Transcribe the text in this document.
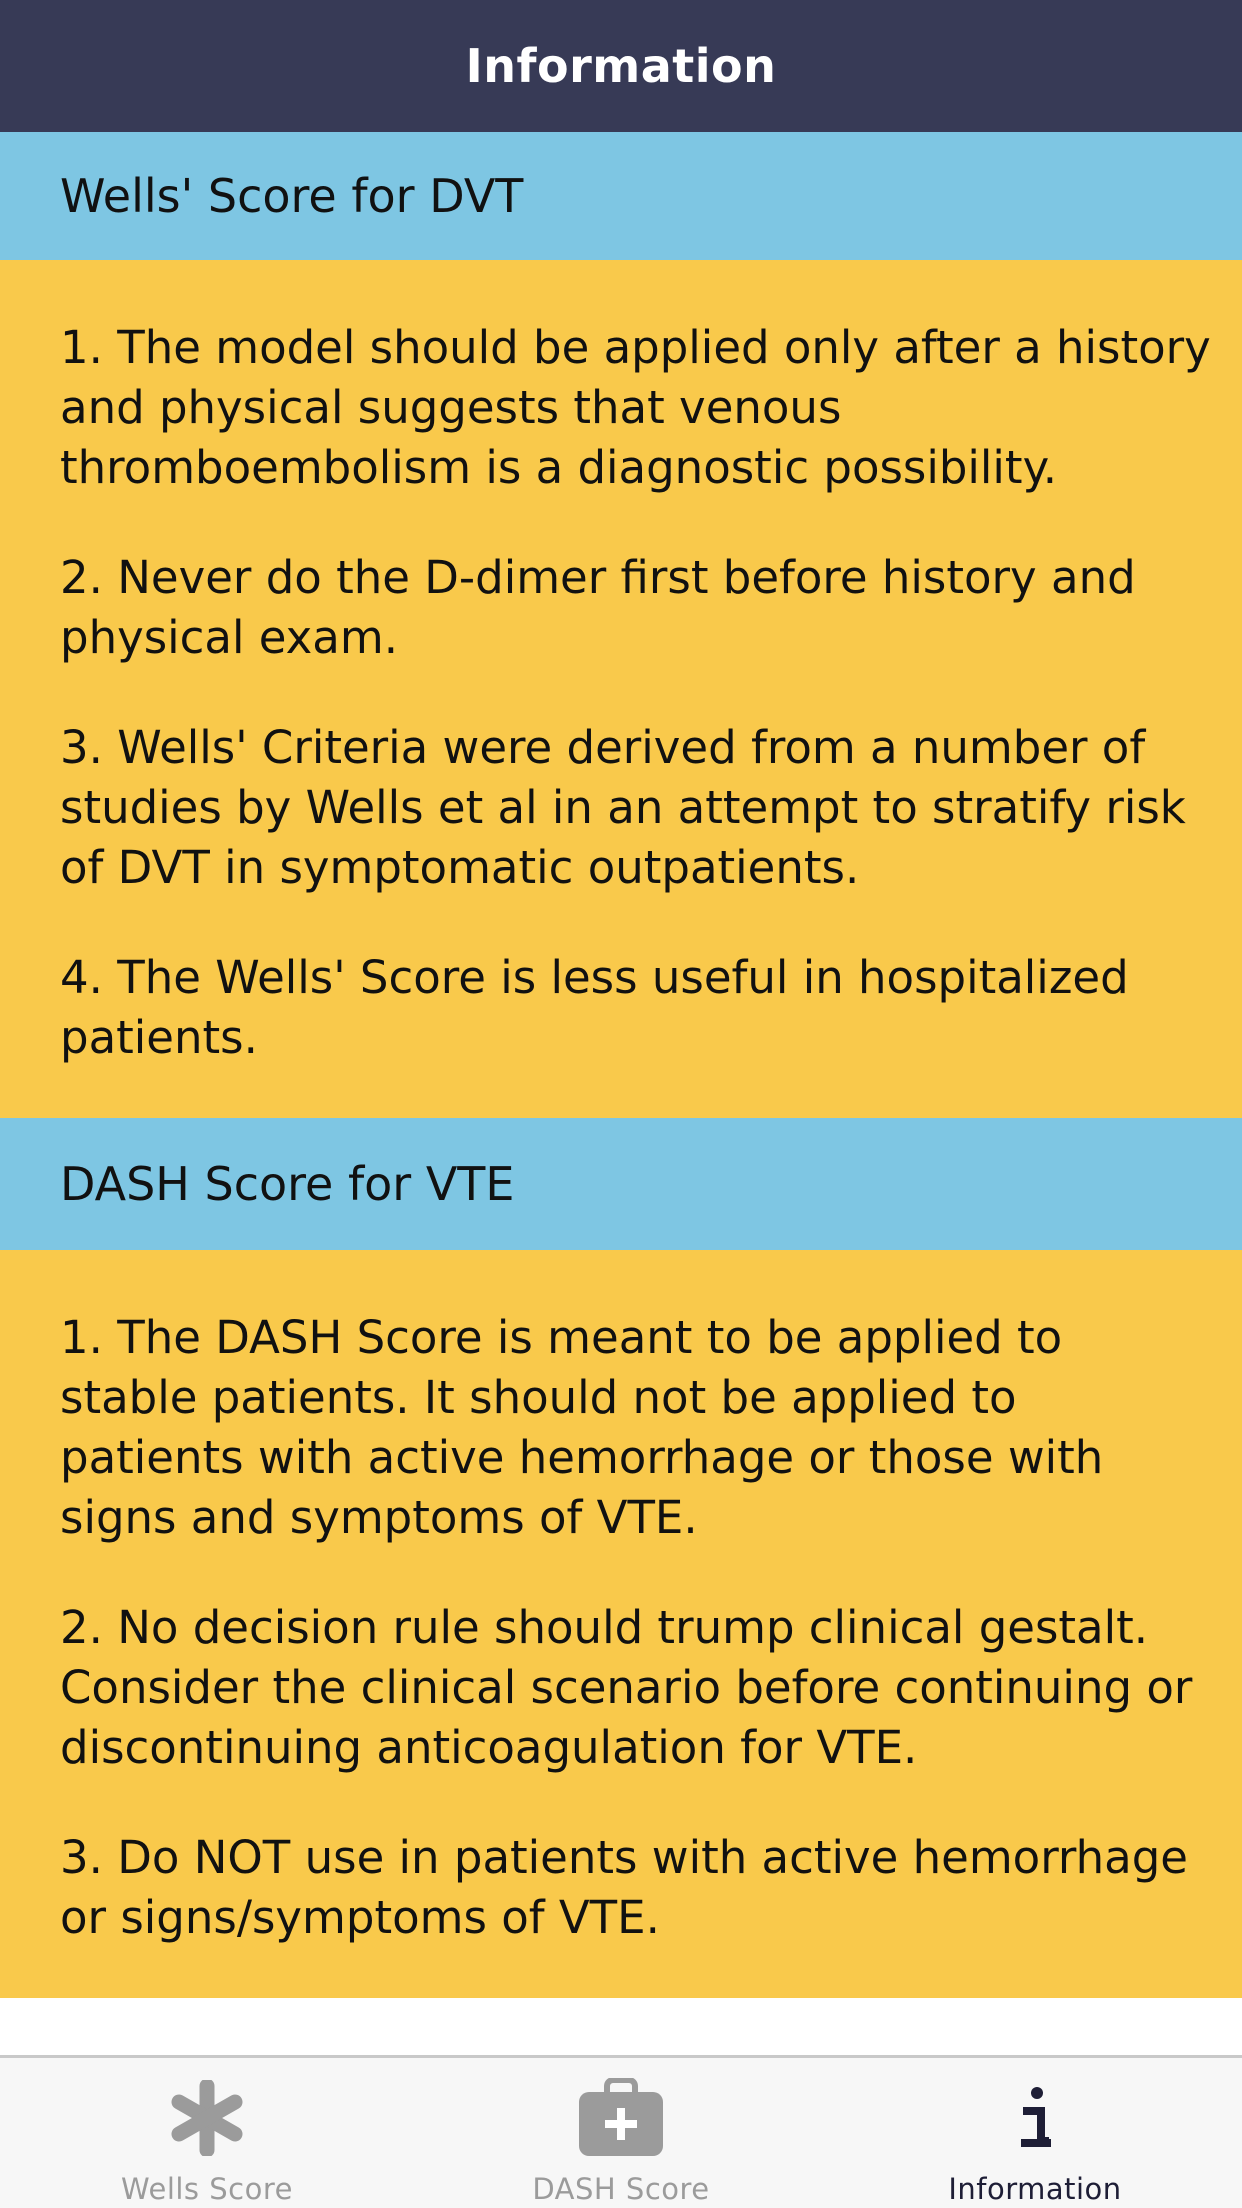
Information
Wells' Score for DVT

1. The model should be applied only after a history and physical suggests that venous thromboembolism is a diagnostic possibility.

2. Never do the D-dimer first before history and physical exam.

3. Wells' Criteria were derived from a number of studies by Wells et al in an attempt to stratify risk of DVT in symptomatic outpatients.

4. The Wells' Score is less useful in hospitalized patients.

DASH Score for VTE

1. The DASH Score is meant to be applied to stable patients. It should not be applied to patients with active hemorrhage or those with signs and symptoms of VTE.

2. No decision rule should trump clinical gestalt. Consider the clinical scenario before continuing or discontinuing anticoagulation for VTE.

3. Do NOT use in patients with active hemorrhage or signs/symptoms of VTE.

Wells Score	DASH Score	Information
